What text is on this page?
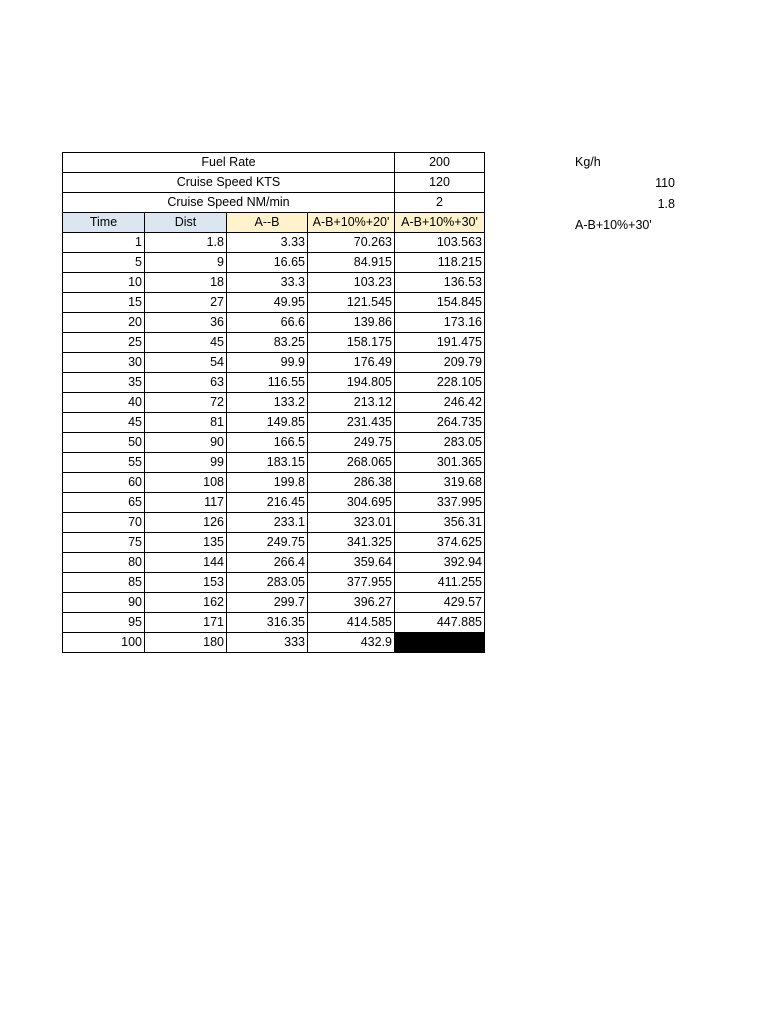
Fuel Rate				200
Cruise Speed KTS				120
Cruise Speed NM/min				2
Time	Dist	A--B	A-B+10%+20'	A-B+10%+30'
1	1.8	3.33	70.263	103.563
5	9	16.65	84.915	118.215
10	18	33.3	103.23	136.53
15	27	49.95	121.545	154.845
20	36	66.6	139.86	173.16
25	45	83.25	158.175	191.475
30	54	99.9	176.49	209.79
35	63	116.55	194.805	228.105
40	72	133.2	213.12	246.42
45	81	149.85	231.435	264.735
50	90	166.5	249.75	283.05
55	99	183.15	268.065	301.365
60	108	199.8	286.38	319.68
65	117	216.45	304.695	337.995
70	126	233.1	323.01	356.31
75	135	249.75	341.325	374.625
80	144	266.4	359.64	392.94
85	153	283.05	377.955	411.255
90	162	299.7	396.27	429.57
95	171	316.35	414.585	447.885
100	180	333	432.9	
Kg/h
110
1.8
A-B+10%+30'
